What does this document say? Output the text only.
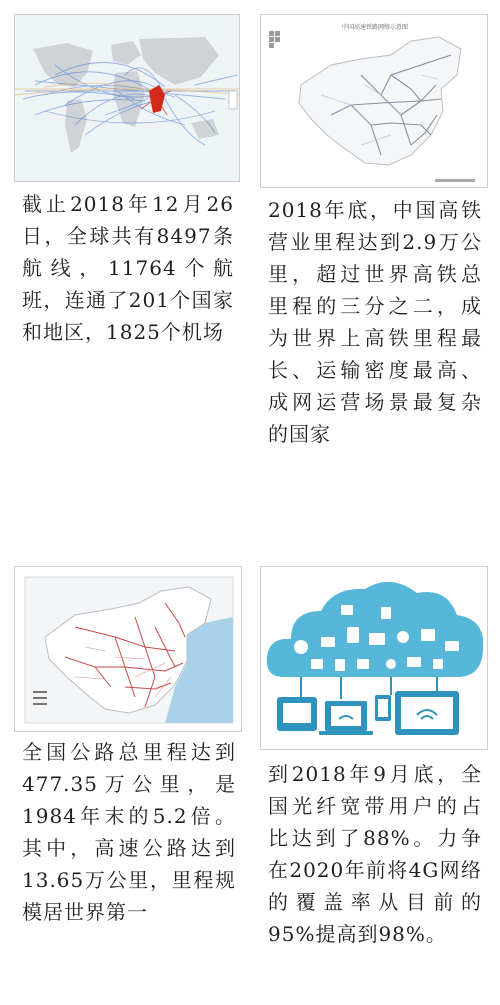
截止2018年12月26
日，全球共有8497条
航线，11764个航
班，连通了201个国家
和地区，1825个机场
中国高速铁路网络示意图
2018年底，中国高铁
营业里程达到2.9万公
里，超过世界高铁总
里程的三分之二，成
为世界上高铁里程最
长、运输密度最高、
成网运营场景最复杂
的国家
全国公路总里程达到
477.35万公里，是
1984年末的5.2倍。
其中，高速公路达到
13.65万公里，里程规
模居世界第一
到2018年9月底，全
国光纤宽带用户的占
比达到了88%。力争
在2020年前将4G网络
的覆盖率从目前的
95%提高到98%。
